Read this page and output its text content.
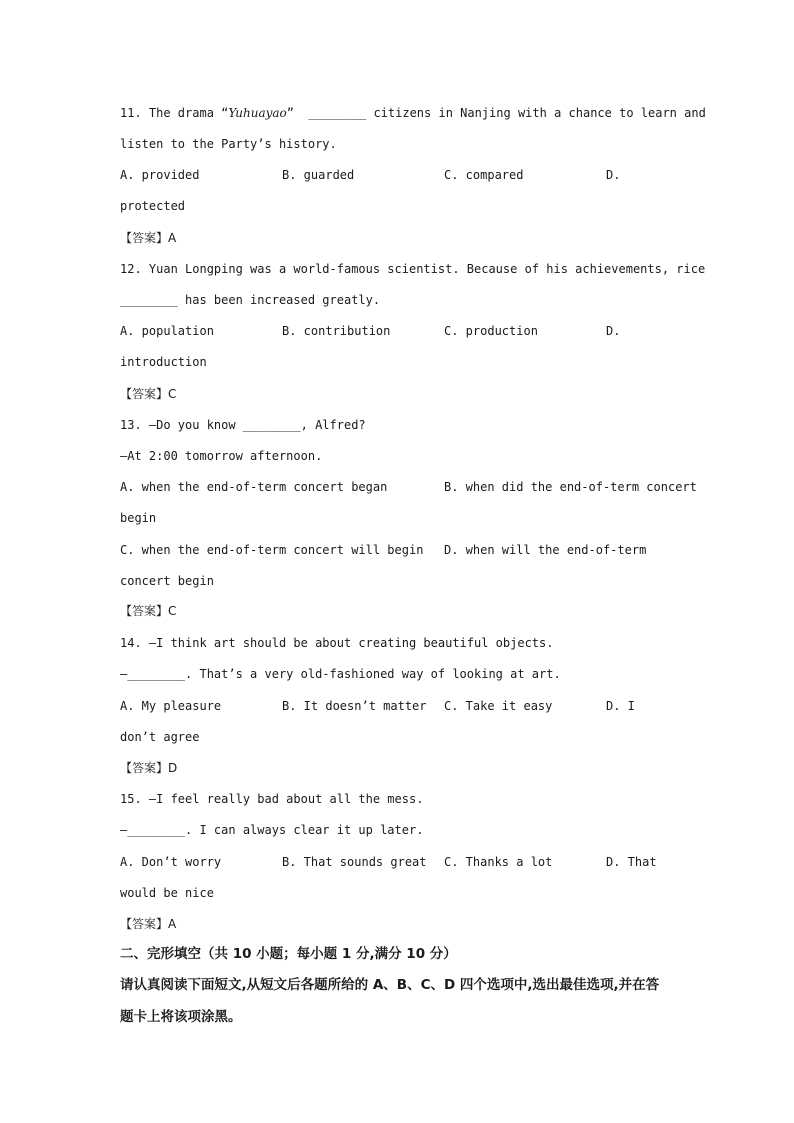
11. The drama “Yuhuayao”  ________ citizens in Nanjing with a chance to learn and
listen to the Party’s history.
A. provided	B. guarded	C. compared	D.
protected
【答案】A
12. Yuan Longping was a world-famous scientist. Because of his achievements, rice
________ has been increased greatly.
A. population	B. contribution	C. production	D.
introduction
【答案】C
13. —Do you know ________, Alfred?
—At 2:00 tomorrow afternoon.
A. when the end-of-term concert began	B. when did the end-of-term concert
begin
C. when the end-of-term concert will begin D. when will the end-of-term
concert begin
【答案】C
14. —I think art should be about creating beautiful objects.
—________. That’s a very old-fashioned way of looking at art.
A. My pleasure	B. It doesn’t matter C. Take it easy	D. I
don’t agree
【答案】D
15. —I feel really bad about all the mess.
—________. I can always clear it up later.
A. Don’t worry	B. That sounds great C. Thanks a lot	D. That
would be nice
【答案】A
二、完形填空（共 10 小题；每小题 1 分,满分 10 分）
请认真阅读下面短文,从短文后各题所给的 A、B、C、D 四个选项中,选出最佳选项,并在答
题卡上将该项涂黑。
